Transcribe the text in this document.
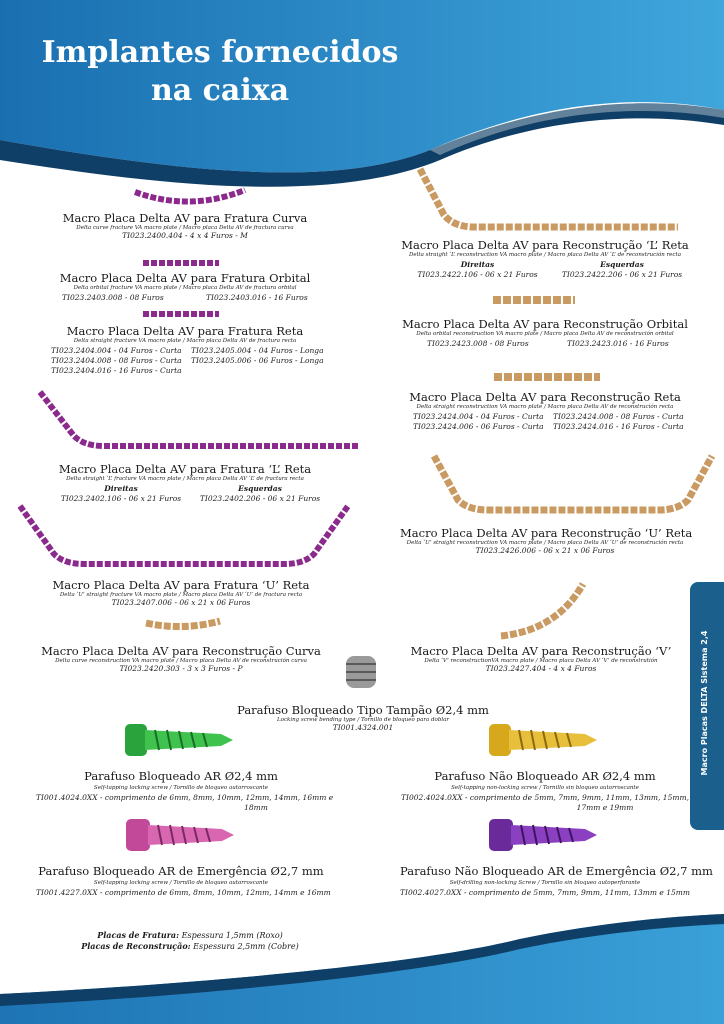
Implantes fornecidos
na caixa
Macro Placas DELTA Sistema 2,4
Macro Placa Delta AV para Fratura Curva
Delta curve fracture VA macro plate / Macro placa Delta AV de fractura curva
TI023.2400.404 - 4 x 4 Furos - M
Macro Placa Delta AV para Fratura Orbital
Delta orbital fracture VA macro plate / Macro placa Delta AV de fractura orbital
TI023.2403.008 - 08 Furos	TI023.2403.016 - 16 Furos
Macro Placa Delta AV para Fratura Reta
Delta straight fracture VA macro plate / Macro placa Delta AV de fractura recta
TI023.2404.004 - 04 Furos - Curta
TI023.2404.008 - 08 Furos - Curta
TI023.2404.016 - 16 Furos - Curta
TI023.2405.004 - 04 Furos - Longa
TI023.2405.006 - 06 Furos - Longa
Macro Placa Delta AV para Fratura ‘L’ Reta
Delta straight ‘L’ fracture VA macro plate / Macro placa Delta AV ‘L’ de fractura recta
Direitas
TI023.2402.106 - 06 x 21 Furos
Esquerdas
TI023.2402.206 - 06 x 21 Furos
Macro Placa Delta AV para Fratura ‘U’ Reta
Delta ‘U’ straight fracture VA macro plate / Macro placa Delta AV ‘U’ de fractura recta
TI023.2407.006 - 06 x 21 x 06 Furos
Macro Placa Delta AV para Reconstrução Curva
Delta curve reconstruction VA macro plate / Macro placa Delta AV de reconstrución curva
TI023.2420.303 - 3 x 3 Furos - P
Macro Placa Delta AV para Reconstrução ‘L’ Reta
Delta straight ‘L’ reconstruction VA macro plate / Macro placa Delta AV ‘L’ de reconstrución recta
Direitas
TI023.2422.106 - 06 x 21 Furos
Esquerdas
TI023.2422.206 - 06 x 21 Furos
Macro Placa Delta AV para Reconstrução Orbital
Delta orbital reconstruction VA macro plate / Macro placa Delta AV de reconstrución orbital
TI023.2423.008 - 08 Furos	TI023.2423.016 - 16 Furos
Macro Placa Delta AV para Reconstrução Reta
Delta straight reconstruction VA macro plate / Macro placa Delta AV de reconstrución recta
TI023.2424.004 - 04 Furos - Curta
TI023.2424.006 - 06 Furos - Curta
TI023.2424.008 - 08 Furos - Curta
TI023.2424.016 - 16 Furos - Curta
Macro Placa Delta AV para Reconstrução ‘U’ Reta
Delta ‘U’ straight reconstruction VA macro plate / Macro placa Delta AV ‘U’ de reconstrución recta
TI023.2426.006 - 06 x 21 x 06 Furos
Macro Placa Delta AV para Reconstrução ‘V’
Delta ‘V’ reconstructionVA macro plate / Macro placa Delta AV ‘V’ de reconstrutión
TI023.2427.404 - 4 x 4 Furos
Parafuso Bloqueado Tipo Tampão Ø2,4 mm
Locking screw bending type / Tornillo de bloqueo para doblar
TI001.4324.001
Parafuso Bloqueado AR Ø2,4 mm
Self-tapping locking screw / Tornillo de bloqueo autorroscante
TI001.4024.0XX - comprimento de 6mm, 8mm, 10mm, 12mm, 14mm, 16mm e
18mm
Parafuso Não Bloqueado AR Ø2,4 mm
Self-tapping non-locking screw / Tornillo sin bloqueo autorroscante
TI002.4024.0XX - comprimento de 5mm, 7mm, 9mm, 11mm, 13mm, 15mm,
17mm e 19mm
Parafuso Bloqueado AR de Emergência Ø2,7 mm
Self-tapping locking screw / Tornillo de bloqueo autorroscante
TI001.4227.0XX - comprimento de 6mm, 8mm, 10mm, 12mm, 14mm e 16mm
Parafuso Não Bloqueado AR de Emergência Ø2,7 mm
Self-drilling non-locking Screw / Tornillo sin bloqueo autoperforante
TI002.4027.0XX - comprimento de 5mm, 7mm, 9mm, 11mm, 13mm e 15mm
Placas de Fratura: Espessura 1,5mm (Roxo)
Placas de Reconstrução: Espessura 2,5mm (Cobre)
